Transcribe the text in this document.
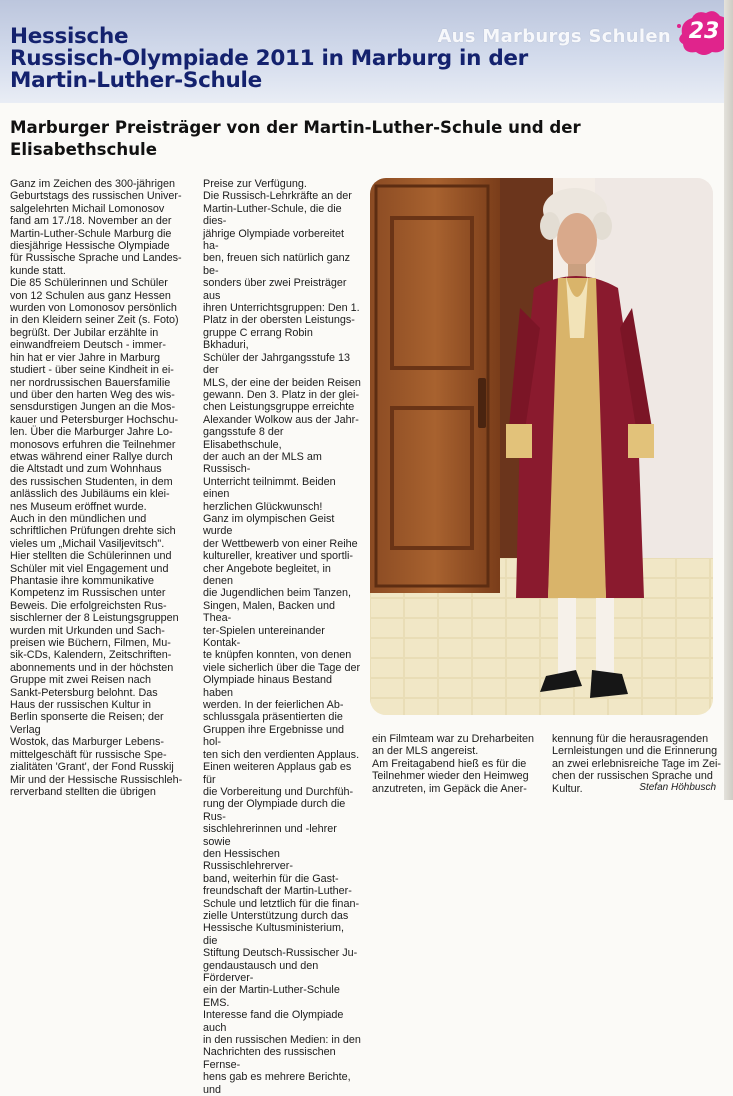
Hessische
Russisch-Olympiade 2011 in Marburg in der
Martin-Luther-Schule
Aus Marburgs Schulen 23
Marburger Preisträger von der Martin-Luther-Schule und der Elisabethschule

Ganz im Zeichen des 300-jährigen
Geburtstags des russischen Univer-
salgelehrten Michail Lomonosov
fand am 17./18. November an der
Martin-Luther-Schule Marburg die
diesjährige Hessische Olympiade
für Russische Sprache und Landes-
kunde statt.
Die 85 Schülerinnen und Schüler
von 12 Schulen aus ganz Hessen
wurden von Lomonosov persönlich
in den Kleidern seiner Zeit (s. Foto)
begrüßt. Der Jubilar erzählte in
einwandfreiem Deutsch - immer-
hin hat er vier Jahre in Marburg
studiert - über seine Kindheit in ei-
ner nordrussischen Bauersfamilie
und über den harten Weg des wis-
sensdurstigen Jungen an die Mos-
kauer und Petersburger Hochschu-
len. Über die Marburger Jahre Lo-
monosovs erfuhren die Teilnehmer
etwas während einer Rallye durch
die Altstadt und zum Wohnhaus
des russischen Studenten, in dem
anlässlich des Jubiläums ein klei-
nes Museum eröffnet wurde.
Auch in den mündlichen und
schriftlichen Prüfungen drehte sich
vieles um „Michail Vasiljevitsch".
Hier stellten die Schülerinnen und
Schüler mit viel Engagement und
Phantasie ihre kommunikative
Kompetenz im Russischen unter
Beweis. Die erfolgreichsten Rus-
sischlerner der 8 Leistungsgruppen
wurden mit Urkunden und Sach-
preisen wie Büchern, Filmen, Mu-
sik-CDs, Kalendern, Zeitschriften-
abonnements und in der höchsten
Gruppe mit zwei Reisen nach
Sankt-Petersburg belohnt. Das
Haus der russischen Kultur in
Berlin sponserte die Reisen; der Verlag
Wostok, das Marburger Lebens-
mittelgeschäft für russische Spe-
zialitäten 'Grant', der Fond Russkij
Mir und der Hessische Russischleh-
rerverband stellten die übrigen

Preise zur Verfügung.
Die Russisch-Lehrkräfte an der
Martin-Luther-Schule, die die dies-
jährige Olympiade vorbereitet ha-
ben, freuen sich natürlich ganz be-
sonders über zwei Preisträger aus
ihren Unterrichtsgruppen: Den 1.
Platz in der obersten Leistungs-
gruppe C errang Robin Bkhaduri,
Schüler der Jahrgangsstufe 13 der
MLS, der eine der beiden Reisen
gewann. Den 3. Platz in der glei-
chen Leistungsgruppe erreichte
Alexander Wolkow aus der Jahr-
gangsstufe 8 der Elisabethschule,
der auch an der MLS am Russisch-
Unterricht teilnimmt. Beiden einen
herzlichen Glückwunsch!
Ganz im olympischen Geist wurde
der Wettbewerb von einer Reihe
kultureller, kreativer und sportli-
cher Angebote begleitet, in denen
die Jugendlichen beim Tanzen,
Singen, Malen, Backen und Thea-
ter-Spielen untereinander Kontak-
te knüpfen konnten, von denen
viele sicherlich über die Tage der
Olympiade hinaus Bestand haben
werden. In der feierlichen Ab-
schlussgala präsentierten die
Gruppen ihre Ergebnisse und hol-
ten sich den verdienten Applaus.
Einen weiteren Applaus gab es für
die Vorbereitung und Durchfüh-
rung der Olympiade durch die Rus-
sischlehrerinnen und -lehrer sowie
den Hessischen Russischlehrerver-
band, weiterhin für die Gast-
freundschaft der Martin-Luther-
Schule und letztlich für die finan-
zielle Unterstützung durch das
Hessische Kultusministerium, die
Stiftung Deutsch-Russischer Ju-
gendaustausch und den Förderver-
ein der Martin-Luther-Schule EMS.
Interesse fand die Olympiade auch
in den russischen Medien: in den
Nachrichten des russischen Fernse-
hens gab es mehrere Berichte, und

ein Filmteam war zu Dreharbeiten
an der MLS angereist.
Am Freitagabend hieß es für die
Teilnehmer wieder den Heimweg
anzutreten, im Gepäck die Aner-

kennung für die herausragenden
Lernleistungen und die Erinnerung
an zwei erlebnisreiche Tage im Zei-
chen der russischen Sprache und
Kultur.	Stefan Höhbusch
